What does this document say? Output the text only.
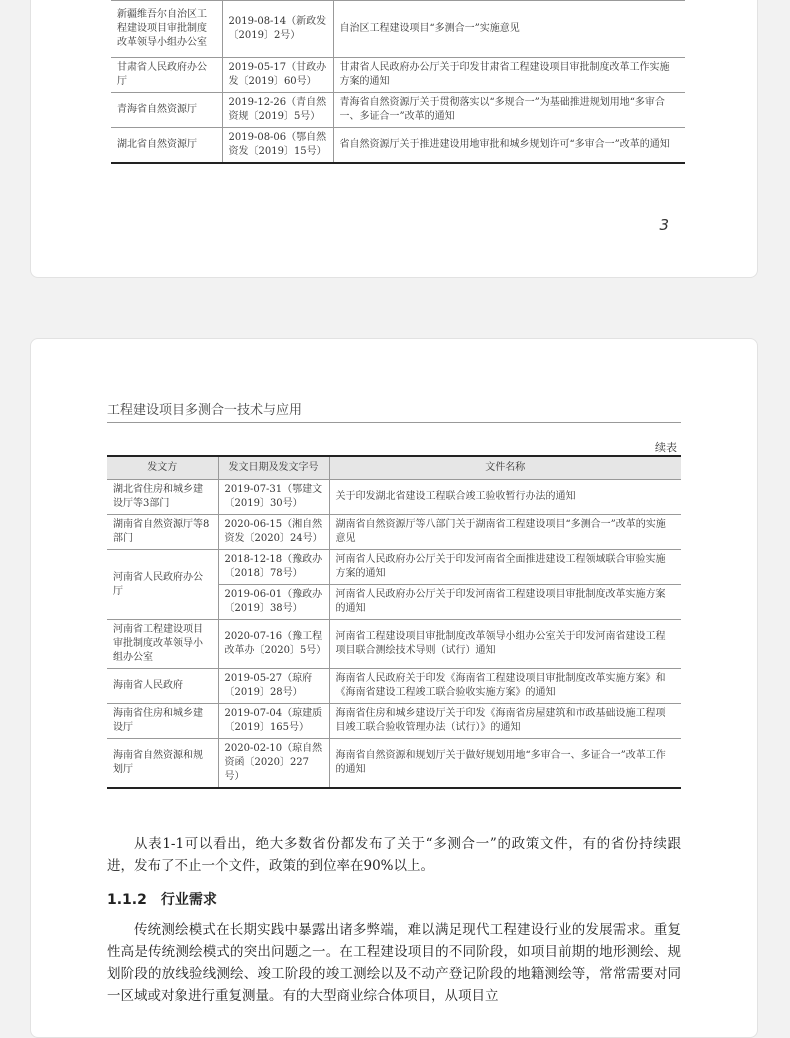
新疆维吾尔自治区工程建设项目审批制度改革领导小组办公室	2019-08-14（新政发〔2019〕2号）	自治区工程建设项目“多测合一”实施意见
甘肃省人民政府办公厅	2019-05-17（甘政办发〔2019〕60号）	甘肃省人民政府办公厅关于印发甘肃省工程建设项目审批制度改革工作实施方案的通知
青海省自然资源厅	2019-12-26（青自然资规〔2019〕5号）	青海省自然资源厅关于贯彻落实以“多规合一”为基础推进规划用地“多审合一、多证合一”改革的通知
湖北省自然资源厅	2019-08-06（鄂自然资发〔2019〕15号）	省自然资源厅关于推进建设用地审批和城乡规划许可“多审合一”改革的通知
3
工程建设项目多测合一技术与应用
续表
发文方	发文日期及发文字号	文件名称
湖北省住房和城乡建设厅等3部门	2019-07-31（鄂建文〔2019〕30号）	关于印发湖北省建设工程联合竣工验收暂行办法的通知
湖南省自然资源厅等8部门	2020-06-15（湘自然资发〔2020〕24号）	湖南省自然资源厅等八部门关于湖南省工程建设项目“多测合一”改革的实施意见
河南省人民政府办公厅	2018-12-18（豫政办〔2018〕78号）	河南省人民政府办公厅关于印发河南省全面推进建设工程领域联合审验实施方案的通知
	2019-06-01（豫政办〔2019〕38号）	河南省人民政府办公厅关于印发河南省工程建设项目审批制度改革实施方案的通知
河南省工程建设项目审批制度改革领导小组办公室	2020-07-16（豫工程改革办〔2020〕5号）	河南省工程建设项目审批制度改革领导小组办公室关于印发河南省建设工程项目联合测绘技术导则（试行）通知
海南省人民政府	2019-05-27（琼府〔2019〕28号）	海南省人民政府关于印发《海南省工程建设项目审批制度改革实施方案》和《海南省建设工程竣工联合验收实施方案》的通知
海南省住房和城乡建设厅	2019-07-04（琼建质〔2019〕165号）	海南省住房和城乡建设厅关于印发《海南省房屋建筑和市政基础设施工程项目竣工联合验收管理办法（试行）》的通知
海南省自然资源和规划厅	2020-02-10（琼自然资函〔2020〕227号）	海南省自然资源和规划厅关于做好规划用地“多审合一、多证合一”改革工作的通知

从表1-1可以看出，绝大多数省份都发布了关于“多测合一”的政策文件，有的省份持续跟进，发布了不止一个文件，政策的到位率在90%以上。

1.1.2　行业需求

传统测绘模式在长期实践中暴露出诸多弊端，难以满足现代工程建设行业的发展需求。重复性高是传统测绘模式的突出问题之一。在工程建设项目的不同阶段，如项目前期的地形测绘、规划阶段的放线验线测绘、竣工阶段的竣工测绘以及不动产登记阶段的地籍测绘等，常常需要对同一区域或对象进行重复测量。有的大型商业综合体项目，从项目立
